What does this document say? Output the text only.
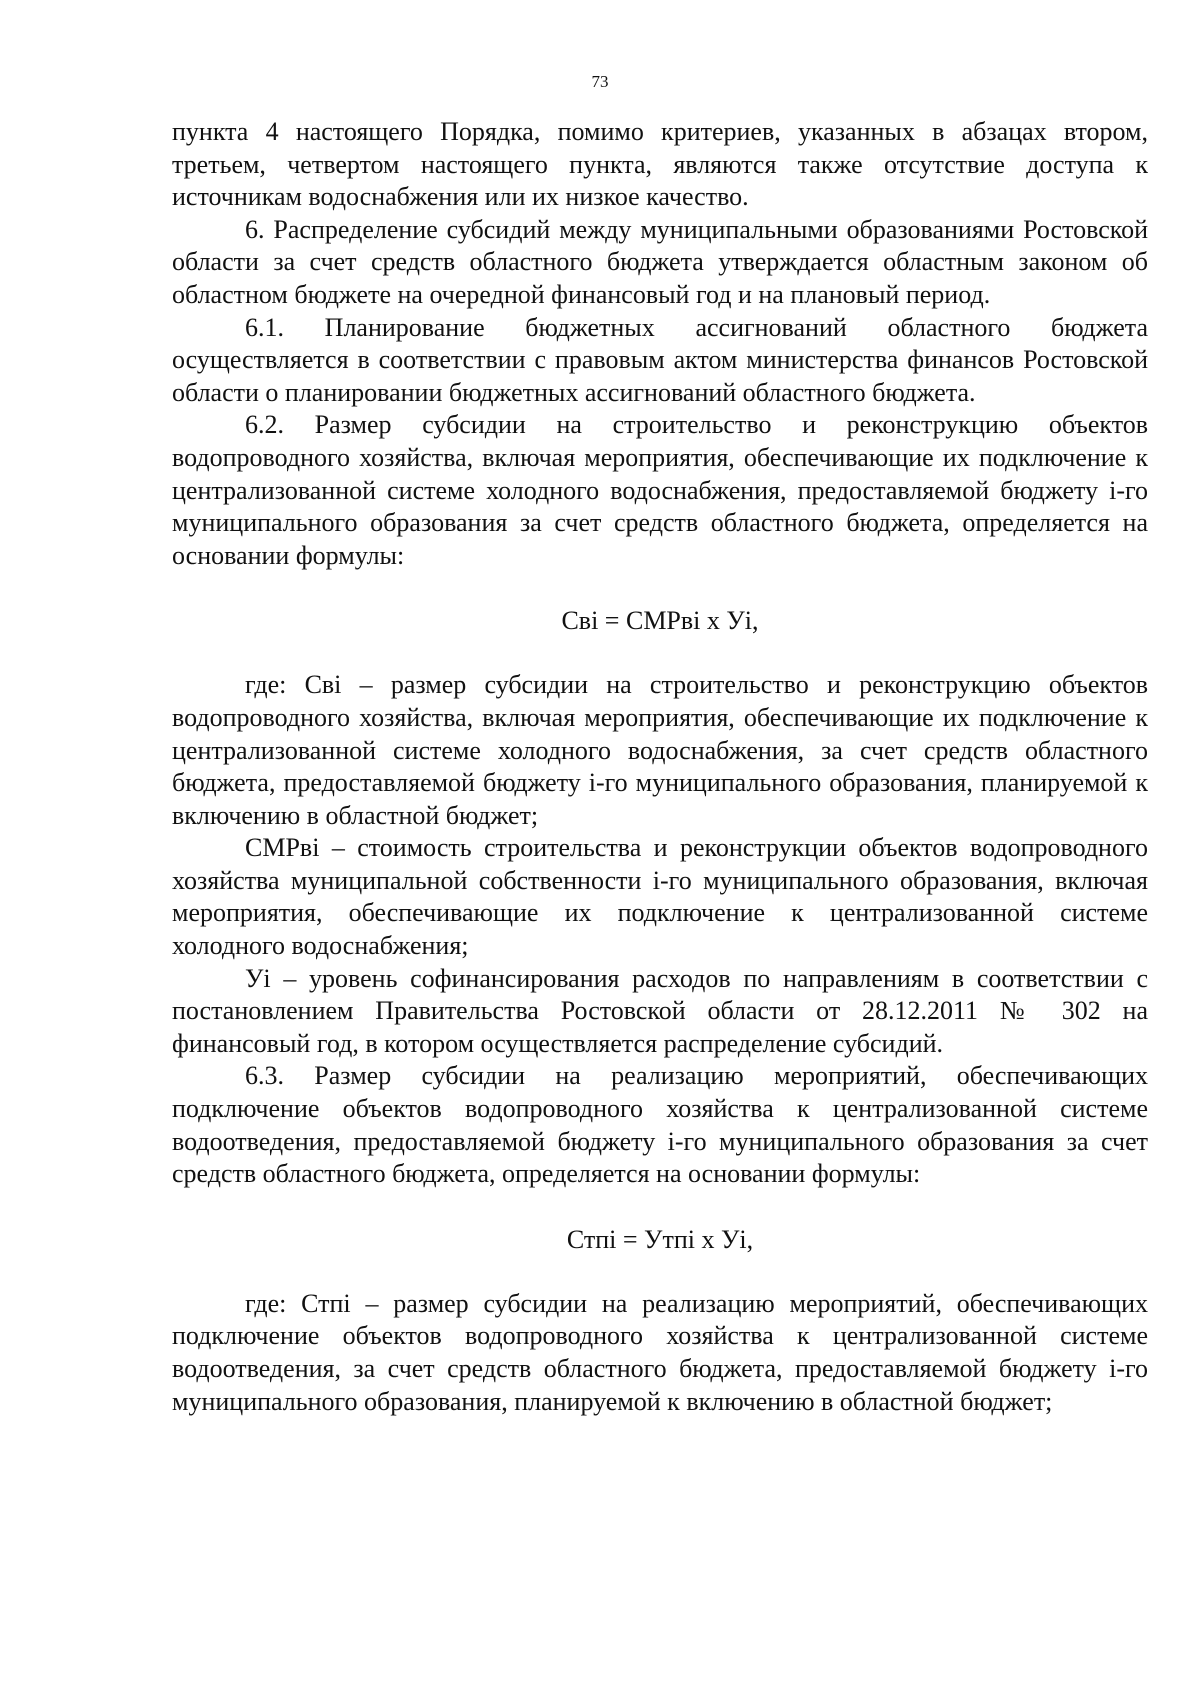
73

пункта 4 настоящего Порядка, помимо критериев, указанных в абзацах втором, третьем, четвертом настоящего пункта, являются также отсутствие доступа к источникам водоснабжения или их низкое качество.

6. Распределение субсидий между муниципальными образованиями Ростовской области за счет средств областного бюджета утверждается областным законом об областном бюджете на очередной финансовый год и на плановый период.

6.1. Планирование бюджетных ассигнований областного бюджета осуществляется в соответствии с правовым актом министерства финансов Ростовской области о планировании бюджетных ассигнований областного бюджета.

6.2. Размер субсидии на строительство и реконструкцию объектов водопроводного хозяйства, включая мероприятия, обеспечивающие их подключение к централизованной системе холодного водоснабжения, предоставляемой бюджету i-го муниципального образования за счет средств областного бюджета, определяется на основании формулы:

Свi = СМРвi x Уi,

где: Свi – размер субсидии на строительство и реконструкцию объектов водопроводного хозяйства, включая мероприятия, обеспечивающие их подключение к централизованной системе холодного водоснабжения, за счет средств областного бюджета, предоставляемой бюджету i-го муниципального образования, планируемой к включению в областной бюджет;

СМРвi – стоимость строительства и реконструкции объектов водопроводного хозяйства муниципальной собственности i-го муниципального образования, включая мероприятия, обеспечивающие их подключение к централизованной системе холодного водоснабжения;

Уi – уровень софинансирования расходов по направлениям в соответствии с постановлением Правительства Ростовской области от 28.12.2011 № 302 на финансовый год, в котором осуществляется распределение субсидий.

6.3. Размер субсидии на реализацию мероприятий, обеспечивающих подключение объектов водопроводного хозяйства к централизованной системе водоотведения, предоставляемой бюджету i-го муниципального образования за счет средств областного бюджета, определяется на основании формулы:

Стпi = Утпi x Уi,

где: Стпi – размер субсидии на реализацию мероприятий, обеспечивающих подключение объектов водопроводного хозяйства к централизованной системе водоотведения, за счет средств областного бюджета, предоставляемой бюджету i-го муниципального образования, планируемой к включению в областной бюджет;
